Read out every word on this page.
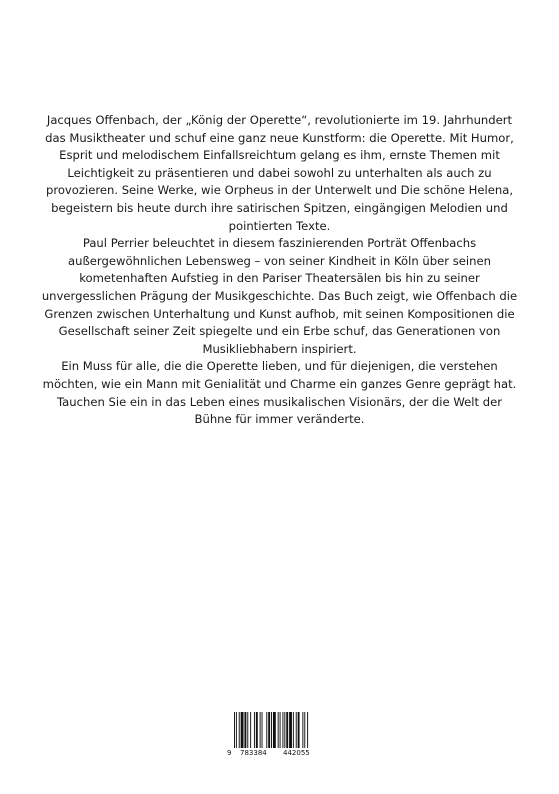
Jacques Offenbach, der „König der Operette“, revolutionierte im 19. Jahrhundert das Musiktheater und schuf eine ganz neue Kunstform: die Operette. Mit Humor, Esprit und melodischem Einfallsreichtum gelang es ihm, ernste Themen mit Leichtigkeit zu präsentieren und dabei sowohl zu unterhalten als auch zu provozieren. Seine Werke, wie Orpheus in der Unterwelt und Die schöne Helena, begeistern bis heute durch ihre satirischen Spitzen, eingängigen Melodien und pointierten Texte.

Paul Perrier beleuchtet in diesem faszinierenden Porträt Offenbachs außergewöhnlichen Lebensweg – von seiner Kindheit in Köln über seinen kometenhaften Aufstieg in den Pariser Theatersälen bis hin zu seiner unvergesslichen Prägung der Musikgeschichte. Das Buch zeigt, wie Offenbach die Grenzen zwischen Unterhaltung und Kunst aufhob, mit seinen Kompositionen die Gesellschaft seiner Zeit spiegelte und ein Erbe schuf, das Generationen von Musikliebhabern inspiriert.

Ein Muss für alle, die die Operette lieben, und für diejenigen, die verstehen möchten, wie ein Mann mit Genialität und Charme ein ganzes Genre geprägt hat. Tauchen Sie ein in das Leben eines musikalischen Visionärs, der die Welt der Bühne für immer veränderte.

9 783384 442055
